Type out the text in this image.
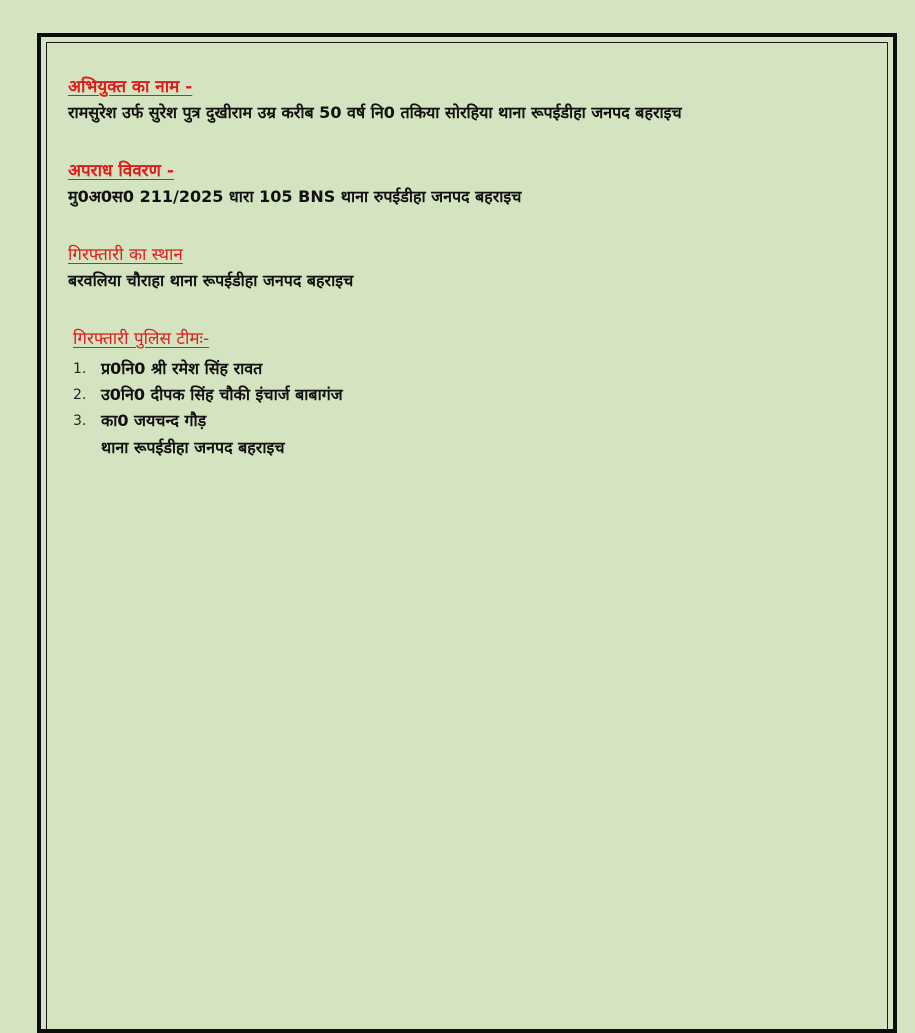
अभियुक्त का नाम -

रामसुरेश उर्फ सुरेश पुत्र दुखीराम उम्र करीब 50 वर्ष नि0 तकिया सोरहिया थाना रूपईडीहा जनपद बहराइच

अपराध विवरण -

मु0अ0स0 211/2025 धारा 105 BNS थाना रुपईडीहा जनपद बहराइच

गिरफ्तारी का स्थान

बरवलिया चौराहा थाना रूपईडीहा जनपद बहराइच

गिरफ्तारी पुलिस टीमः-

1. प्र0नि0 श्री रमेश सिंह रावत
2. उ0नि0 दीपक सिंह चौकी इंचार्ज बाबागंज
3. का0 जयचन्द गौड़
थाना रूपईडीहा जनपद बहराइच
